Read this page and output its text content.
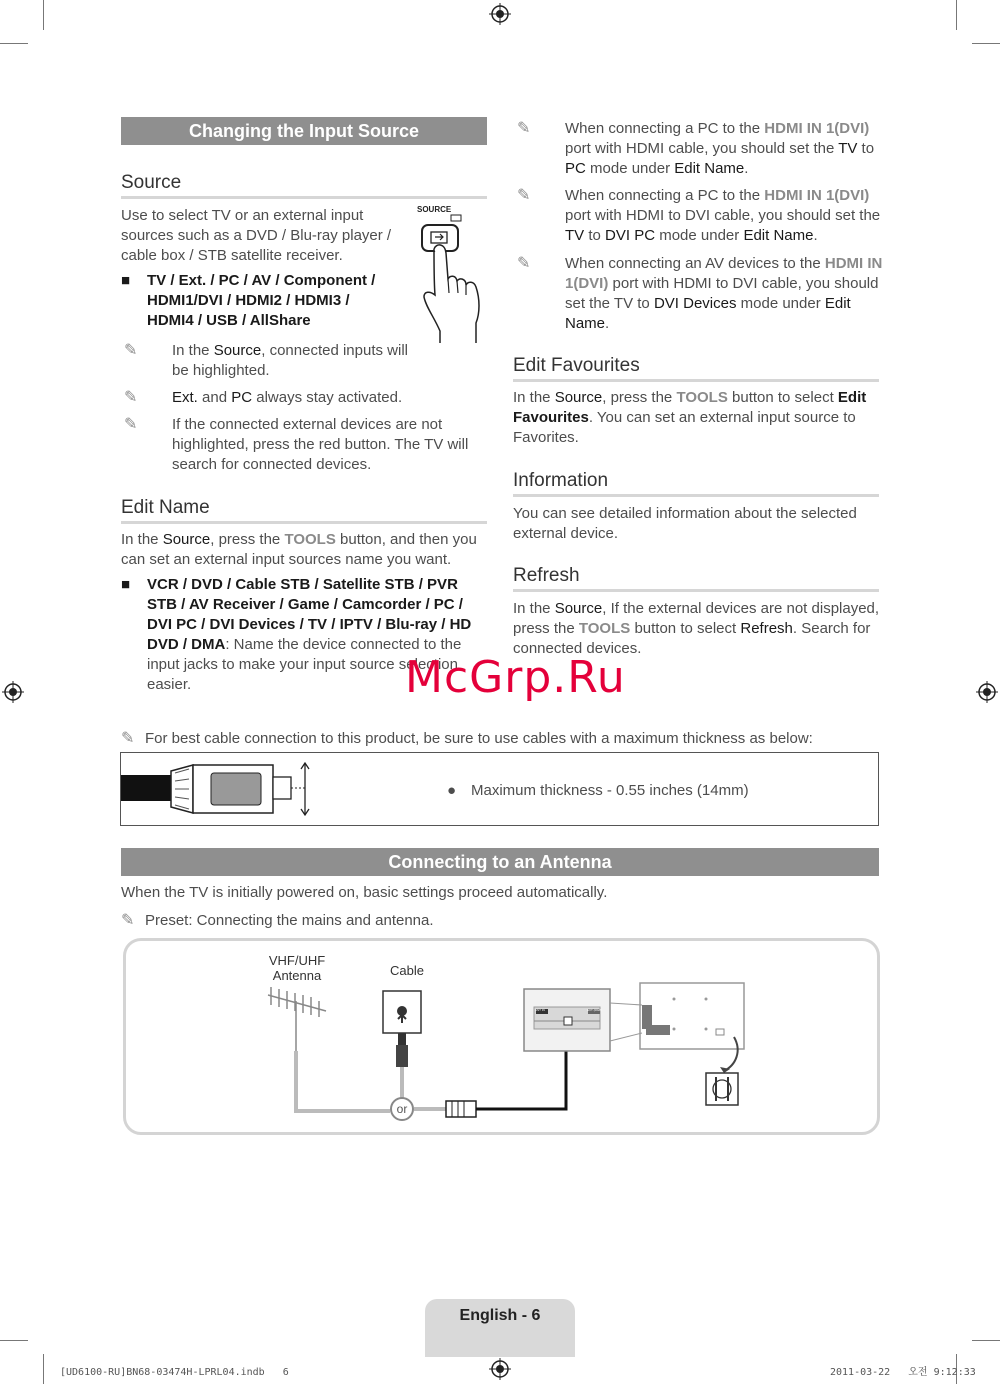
Changing the Input Source
Source
Use to select TV or an external input sources such as a DVD / Blu-ray player / cable box / STB satellite receiver.
SOURCE
■ TV / Ext. / PC / AV / Component / HDMI1/DVI / HDMI2 / HDMI3 / HDMI4 / USB / AllShare
✎ In the Source, connected inputs will be highlighted.
✎ Ext. and PC always stay activated.
✎ If the connected external devices are not highlighted, press the red button. The TV will search for connected devices.
Edit Name
In the Source, press the TOOLS button, and then you can set an external input sources name you want.
■ VCR / DVD / Cable STB / Satellite STB / PVR STB / AV Receiver / Game / Camcorder / PC / DVI PC / DVI Devices / TV / IPTV / Blu-ray / HD DVD / DMA: Name the device connected to the input jacks to make your input source selection easier.
✎ When connecting a PC to the HDMI IN 1(DVI) port with HDMI cable, you should set the TV to PC mode under Edit Name.
✎ When connecting a PC to the HDMI IN 1(DVI) port with HDMI to DVI cable, you should set the TV to DVI PC mode under Edit Name.
✎ When connecting an AV devices to the HDMI IN 1(DVI) port with HDMI to DVI cable, you should set the TV to DVI Devices mode under Edit Name.
Edit Favourites
In the Source, press the TOOLS button to select Edit Favourites. You can set an external input source to Favorites.
Information
You can see detailed information about the selected external device.
Refresh
In the Source, If the external devices are not displayed, press the TOOLS button to select Refresh. Search for connected devices.
McGrp.Ru
✎ For best cable connection to this product, be sure to use cables with a maximum thickness as below:
● Maximum thickness - 0.55 inches (14mm)
Connecting to an Antenna
When the TV is initially powered on, basic settings proceed automatically.
✎ Preset: Connecting the mains and antenna.
VHF/UHF
Antenna	Cable
ANT IN	EXT (RGB)
or
English - 6
[UD6100-RU]BN68-03474H-LPRL04.indb   6	2011-03-22   오전 9:12:33
